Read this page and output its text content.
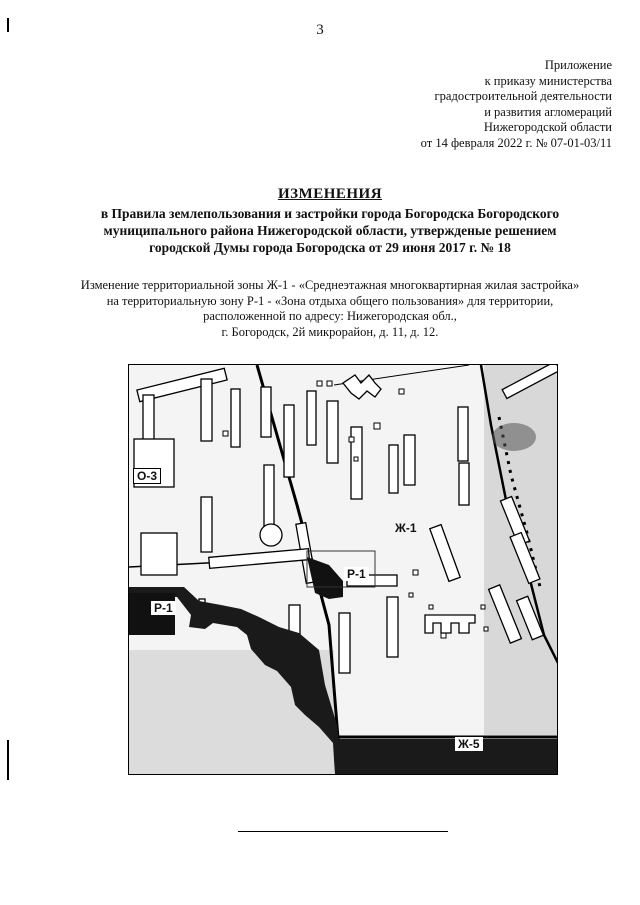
3
Приложение
к приказу министерства
градостроительной деятельности
и развития агломераций
Нижегородской области
от 14 февраля 2022 г. № 07-01-03/11
ИЗМЕНЕНИЯ
в Правила землепользования и застройки города Богородска Богородского
муниципального района Нижегородской области, утвержденые решением
городской Думы города Богородска от 29 июня 2017 г. № 18
Изменение территориальной зоны Ж-1 - «Среднеэтажная многоквартирная жилая застройка»
на территориальную зону Р-1 - «Зона отдыха общего пользования» для территории,
расположенной по адресу: Нижегородская обл.,
г. Богородск, 2й микрорайон, д. 11, д. 12.
О-3
Ж-1
Р-1
Р-1
Ж-5
